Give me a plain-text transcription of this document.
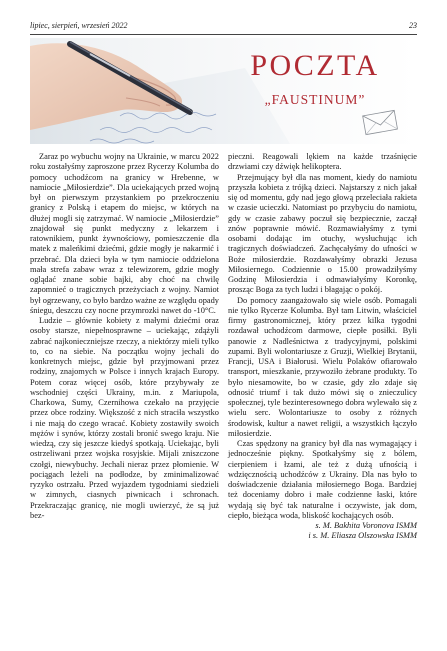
lipiec, sierpień, wrzesień 2022	23
POCZTA
„FAUSTINUM”

Zaraz po wybuchu wojny na Ukrainie, w marcu 2022 roku zostałyśmy zaproszone przez Rycerzy Kolumba do pomocy uchodźcom na granicy w Hrebenne, w namiocie „Miłosierdzie”. Dla uciekających przed wojną był on pierwszym przystankiem po przekroczeniu granicy z Polską i etapem do miejsc, w których na dłużej mogli się zatrzymać. W namiocie „Miłosierdzie” znajdował się punkt medyczny z lekarzem i ratownikiem, punkt żywnościowy, pomieszczenie dla matek z maleńkimi dziećmi, gdzie mogły je nakarmić i przebrać. Dla dzieci była w tym namiocie oddzielona mała strefa zabaw wraz z telewizorem, gdzie mogły oglądać znane sobie bajki, aby choć na chwilę zapomnieć o tragicznych przeżyciach z wojny. Namiot był ogrzewany, co było bardzo ważne ze względu opady śniegu, deszczu czy nocne przymrozki nawet do -10°C.

Ludzie – głównie kobiety z małymi dziećmi oraz osoby starsze, niepełnosprawne – uciekając, zdążyli zabrać najkonieczniejsze rzeczy, a niektórzy mieli tylko to, co na siebie. Na początku wojny jechali do konkretnych miejsc, gdzie był przyjmowani przez rodziny, znajomych w Polsce i innych krajach Europy. Potem coraz więcej osób, które przybywały ze wschodniej części Ukrainy, m.in. z Mariupola, Charkowa, Sumy, Czernihowa czekało na przyjęcie przez obce rodziny. Większość z nich straciła wszystko i nie mają do czego wracać. Kobiety zostawiły swoich mężów i synów, którzy zostali bronić swego kraju. Nie wiedzą, czy się jeszcze kiedyś spotkają. Uciekając, byli ostrzeliwani przez wojska rosyjskie. Mijali zniszczone czołgi, niewybuchy. Jechali nieraz przez płomienie. W pociągach leżeli na podłodze, by zminimalizować ryzyko ostrzału. Przed wyjazdem tygodniami siedzieli w zimnych, ciasnych piwnicach i schronach. Przekraczając granicę, nie mogli uwierzyć, że są już bez-

pieczni. Reagowali lękiem na każde trzaśnięcie drzwiami czy dźwięk helikoptera.

Przejmujący był dla nas moment, kiedy do namiotu przyszła kobieta z trójką dzieci. Najstarszy z nich jakał się od momentu, gdy nad jego głową przeleciała rakieta w czasie ucieczki. Natomiast po przybyciu do namiotu, gdy w czasie zabawy poczuł się bezpiecznie, zaczął znów poprawnie mówić. Rozmawiałyśmy z tymi osobami dodając im otuchy, wysłuchując ich tragicznych doświadczeń. Zachęcałyśmy do ufności w Boże miłosierdzie. Rozdawałyśmy obrazki Jezusa Miłosiernego. Codziennie o 15.00 prowadziłyśmy Godzinę Miłosierdzia i odmawiałyśmy Koronkę, prosząc Boga za tych ludzi i błagając o pokój.

Do pomocy zaangażowało się wiele osób. Pomagali nie tylko Rycerze Kolumba. Był tam Litwin, właściciel firmy gastronomicznej, który przez kilka tygodni rozdawał uchodźcom darmowe, ciepłe posiłki. Byli panowie z Nadleśnictwa z tradycyjnymi, polskimi zupami. Byli wolontariusze z Gruzji, Wielkiej Brytanii, Francji, USA i Białorusi. Wielu Polaków ofiarowało transport, mieszkanie, przywoziło żebrane produkty. To było niesamowite, bo w czasie, gdy zło zdaje się odnosić triumf i tak dużo mówi się o znieczulicy społecznej, tyle bezinteresownego dobra wylewało się z wielu serc. Wolontariusze to osoby z różnych środowisk, kultur a nawet religii, a wszystkich łączyło miłosierdzie.

Czas spędzony na granicy był dla nas wymagający i jednocześnie piękny. Spotkałyśmy się z bólem, cierpieniem i łzami, ale też z dużą ufnością i wdzięcznością uchodźców z Ukrainy. Dla nas było to doświadczenie działania miłosiernego Boga. Bardziej też doceniamy dobro i małe codzienne łaski, które wydają się być tak naturalne i oczywiste, jak dom, ciepło, bieżąca woda, bliskość kochających osób.

s. M. Bakhita Voronova ISMM

i s. M. Eliasza Olszowska ISMM
